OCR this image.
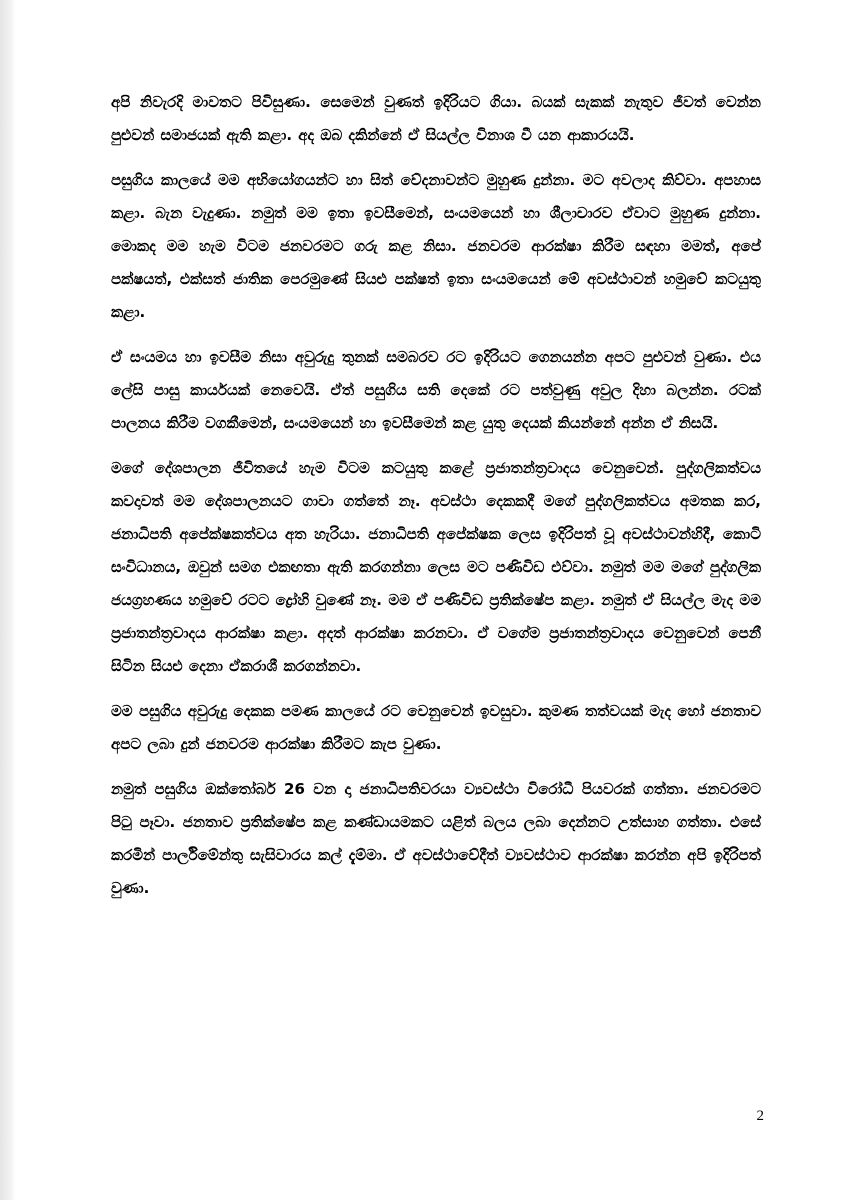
අපි නිවැරදි මාවතට පිවිසුණා. සෙමෙන් වුණත් ඉදිරියට ගියා. බයක් සැකක් නැතුව ජීවත් වෙන්න පුළුවන් සමාජයක් ඇති කළා. අද ඔබ දකින්නේ ඒ සියල්ල විනාශ වී යන ආකාරයයි.

පසුගිය කාලයේ මම අභියෝගයන්ට හා සිත් වේදනාවන්ට මුහුණ දුන්නා. මට අවලාද කිව්වා. අපහාස කළා. බැන වැදුණා. නමුත් මම ඉතා ඉවසීමෙන්, සංයමයෙන් හා ශීලාචාරව ඒවාට මුහුණ දුන්නා. මොකද මම හැම විටම ජනවරමට ගරු කළ නිසා. ජනවරම ආරක්ෂා කිරීම සඳහා මමත්, අපේ පක්ෂයත්, එක්සත් ජාතික පෙරමුණේ සියළු පක්ෂත් ඉතා සංයමයෙන් මේ අවස්ථාවන් හමුවේ කටයුතු කළා.

ඒ සංයමය හා ඉවසීම නිසා අවුරුදු තුනක් සමබරව රට ඉදිරියට ගෙනයන්න අපට පුළුවන් වුණා. එය ලේසි පාසු කාර්යයක් නෙවෙයි. ඒත් පසුගිය සති දෙකේ රට පත්වුණු අවුල දිහා බලන්න. රටක් පාලනය කිරීම වගකීමෙන්, සංයමයෙන් හා ඉවසීමෙන් කළ යුතු දෙයක් කියන්නේ අන්න ඒ නිසයි.

මගේ දේශපාලන ජීවිතයේ හැම විටම කටයුතු කළේ ප්‍රජාතන්ත්‍රවාදය වෙනුවෙන්. පුද්ගලිකත්වය කවදාවත් මම දේශපාලනයට ගාවා ගත්තේ නෑ. අවස්ථා දෙකකදී මගේ පුද්ගලිකත්වය අමතක කර, ජනාධිපති අපේක්ෂකත්වය අත හැරියා. ජනාධිපති අපේක්ෂක ලෙස ඉදිරිපත් වූ අවස්ථාවන්හිදී, කොටි සංවිධානය, ඔවුන් සමග එකඟතා ඇති කරගන්නා ලෙස මට පණිවිඩ එව්වා. නමුත් මම මගේ පුද්ගලික ජයග්‍රහණය හමුවේ රටට ද්‍රෝහි වුණේ නෑ. මම ඒ පණිවිඩ ප්‍රතික්ෂේප කළා. නමුත් ඒ සියල්ල මැද මම ප්‍රජාතන්ත්‍රවාදය ආරක්ෂා කළා. අදත් ආරක්ෂා කරනවා. ඒ වගේම ප්‍රජාතන්ත්‍රවාදය වෙනුවෙන් පෙනී සිටින සියළු දෙනා ඒකරාශී කරගන්නවා.

මම පසුගිය අවුරුදු දෙකක පමණ කාලයේ රට වෙනුවෙන් ඉවසුවා. කුමණ තත්වයක් මැද හෝ ජනතාව අපට ලබා දුන් ජනවරම ආරක්ෂා කිරීමට කැප වුණා.

නමුත් පසුගිය ඔක්තෝබර් 26 වන දා ජනාධිපතිවරයා ව්‍යවස්ථා විරෝධී පියවරක් ගත්තා. ජනවරමට පිටු පෑවා. ජනතාව ප්‍රතික්ෂේප කළ කණ්ඩායමකට යළිත් බලය ලබා දෙන්නට උත්සාහ ගත්තා. එසේ කරමින් පාර්ලිමේන්තු සැසිවාරය කල් දැම්මා. ඒ අවස්ථාවේදීත් ව්‍යවස්ථාව ආරක්ෂා කරන්න අපි ඉදිරිපත් වුණා.

2
